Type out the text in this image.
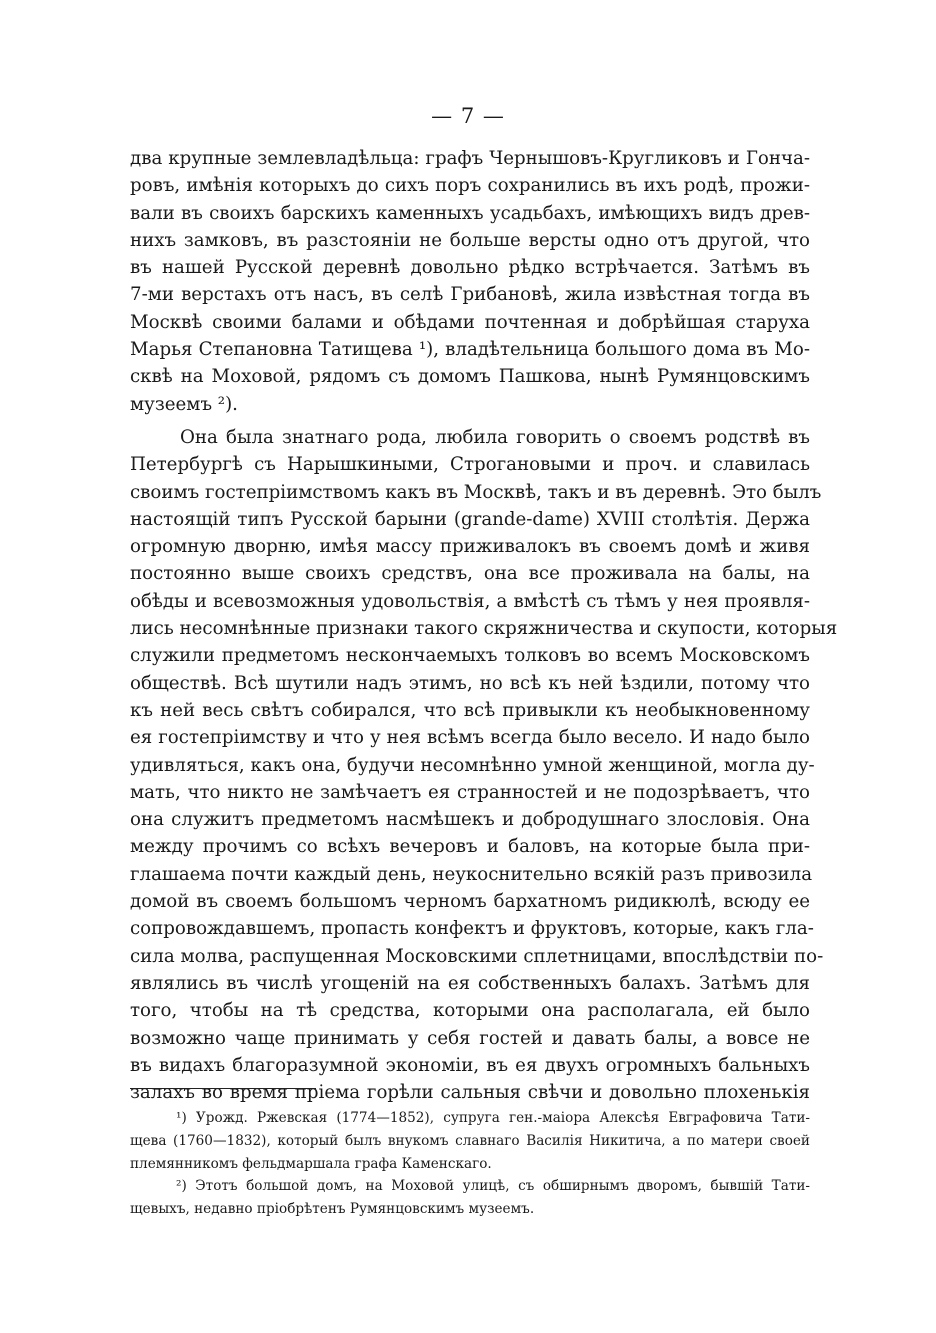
— 7 —
два крупные землевладѣльца: графъ Чернышовъ-Кругликовъ и Гонча-
ровъ, имѣнія которыхъ до сихъ поръ сохранились въ ихъ родѣ, прожи-
вали въ своихъ барскихъ каменныхъ усадьбахъ, имѣющихъ видъ древ-
нихъ замковъ, въ разстояніи не больше версты одно отъ другой, что
въ нашей Русской деревнѣ довольно рѣдко встрѣчается. Затѣмъ въ
7-ми верстахъ отъ насъ, въ селѣ Грибановѣ, жила извѣстная тогда въ
Москвѣ своими балами и обѣдами почтенная и добрѣйшая старуха
Марья Степановна Татищева ¹), владѣтельница большого дома въ Мо-
сквѣ на Моховой, рядомъ съ домомъ Пашкова, нынѣ Румянцовскимъ
музеемъ ²).
Она была знатнаго рода, любила говорить о своемъ родствѣ въ
Петербургѣ съ Нарышкиными, Строгановыми и проч. и славилась
своимъ гостепріимствомъ какъ въ Москвѣ, такъ и въ деревнѣ. Это былъ
настоящій типъ Русской барыни (grande-dame) XVIII столѣтія. Держа
огромную дворню, имѣя массу приживалокъ въ своемъ домѣ и живя
постоянно выше своихъ средствъ, она все проживала на балы, на
обѣды и всевозможныя удовольствія, а вмѣстѣ съ тѣмъ у нея проявля-
лись несомнѣнные признаки такого скряжничества и скупости, которыя
служили предметомъ нескончаемыхъ толковъ во всемъ Московскомъ
обществѣ. Всѣ шутили надъ этимъ, но всѣ къ ней ѣздили, потому что
къ ней весь свѣтъ собирался, что всѣ привыкли къ необыкновенному
ея гостепріимству и что у нея всѣмъ всегда было весело. И надо было
удивляться, какъ она, будучи несомнѣнно умной женщиной, могла ду-
мать, что никто не замѣчаетъ ея странностей и не подозрѣваетъ, что
она служитъ предметомъ насмѣшекъ и добродушнаго злословія. Она
между прочимъ со всѣхъ вечеровъ и баловъ, на которые была при-
глашаема почти каждый день, неукоснительно всякій разъ привозила
домой въ своемъ большомъ черномъ бархатномъ ридикюлѣ, всюду ее
сопровождавшемъ, пропасть конфектъ и фруктовъ, которые, какъ гла-
сила молва, распущенная Московскими сплетницами, впослѣдствіи по-
являлись въ числѣ угощеній на ея собственныхъ балахъ. Затѣмъ для
того, чтобы на тѣ средства, которыми она располагала, ей было
возможно чаще принимать у себя гостей и давать балы, а вовсе не
въ видахъ благоразумной экономіи, въ ея двухъ огромныхъ бальныхъ
залахъ во время пріема горѣли сальныя свѣчи и довольно плохенькія
¹) Урожд. Ржевская (1774—1852), супруга ген.-маіора Алексѣя Евграфовича Тати-
щева (1760—1832), который былъ внукомъ славнаго Василія Никитича, а по матери своей
племянникомъ фельдмаршала графа Каменскаго.
²) Этотъ большой домъ, на Моховой улицѣ, съ обширнымъ дворомъ, бывшій Тати-
щевыхъ, недавно пріобрѣтенъ Румянцовскимъ музеемъ.
